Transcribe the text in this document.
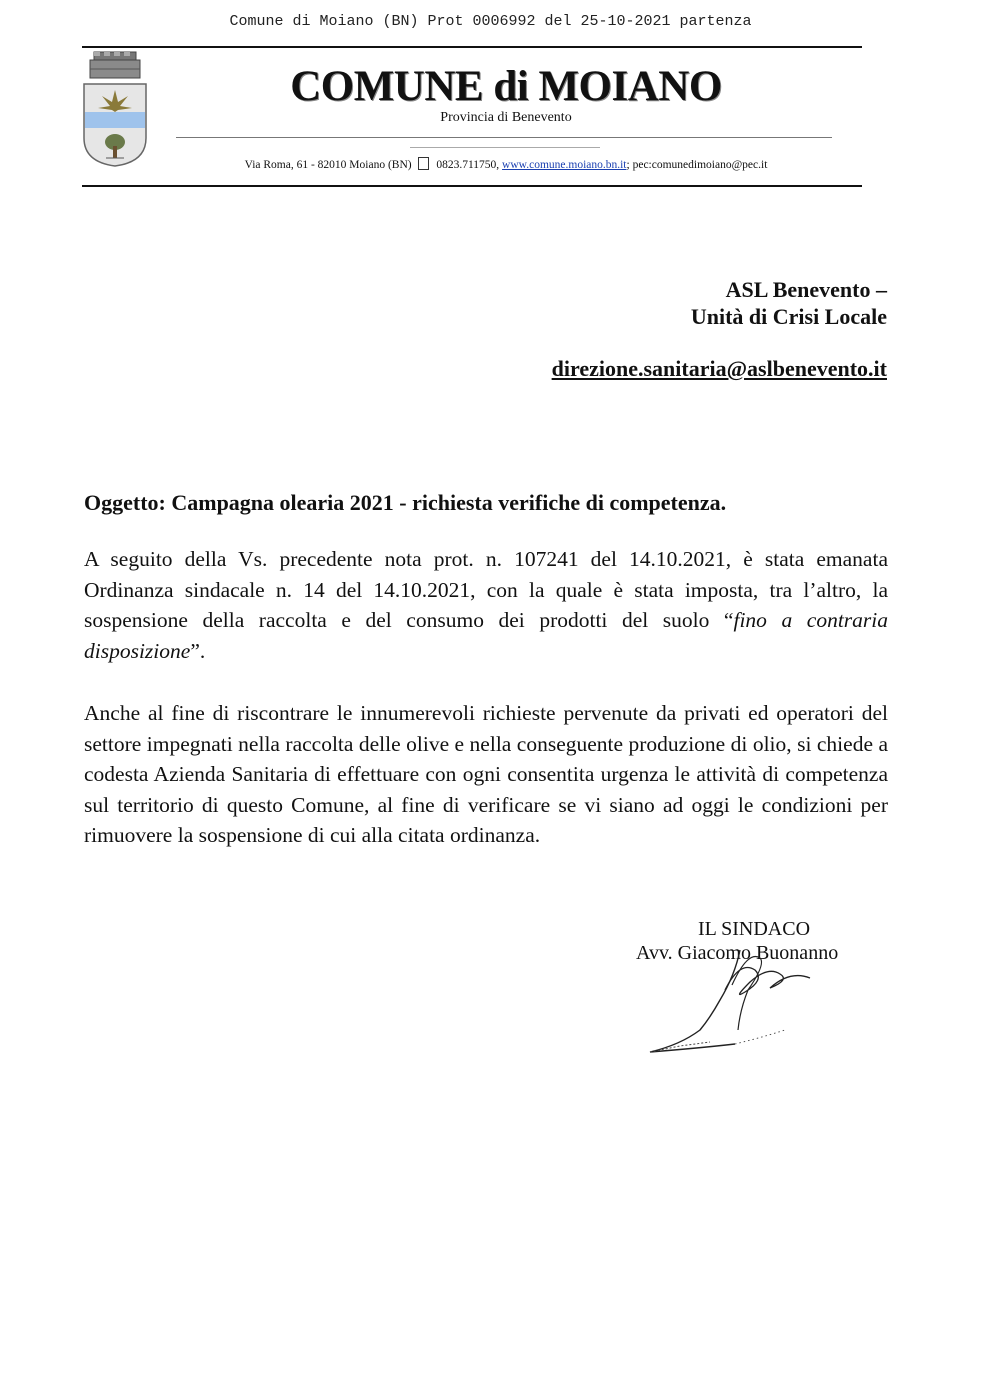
Comune di Moiano (BN) Prot 0006992 del 25-10-2021 partenza
COMUNE di MOIANO
Provincia di Benevento
Via Roma, 61 - 82010 Moiano (BN) 0823.711750, www.comune.moiano.bn.it; pec:comunedimoiano@pec.it
ASL Benevento –
Unità di Crisi Locale
direzione.sanitaria@aslbenevento.it
Oggetto: Campagna olearia 2021 - richiesta verifiche di competenza.
A seguito della Vs. precedente nota prot. n. 107241 del 14.10.2021, è stata emanata Ordinanza sindacale n. 14 del 14.10.2021, con la quale è stata imposta, tra l’altro, la sospensione della raccolta e del consumo dei prodotti del suolo “fino a contraria disposizione”.
Anche al fine di riscontrare le innumerevoli richieste pervenute da privati ed operatori del settore impegnati nella raccolta delle olive e nella conseguente produzione di olio, si chiede a codesta Azienda Sanitaria di effettuare con ogni consentita urgenza le attività di competenza sul territorio di questo Comune, al fine di verificare se vi siano ad oggi le condizioni per rimuovere la sospensione di cui alla citata ordinanza.
IL SINDACO
Avv. Giacomo Buonanno
